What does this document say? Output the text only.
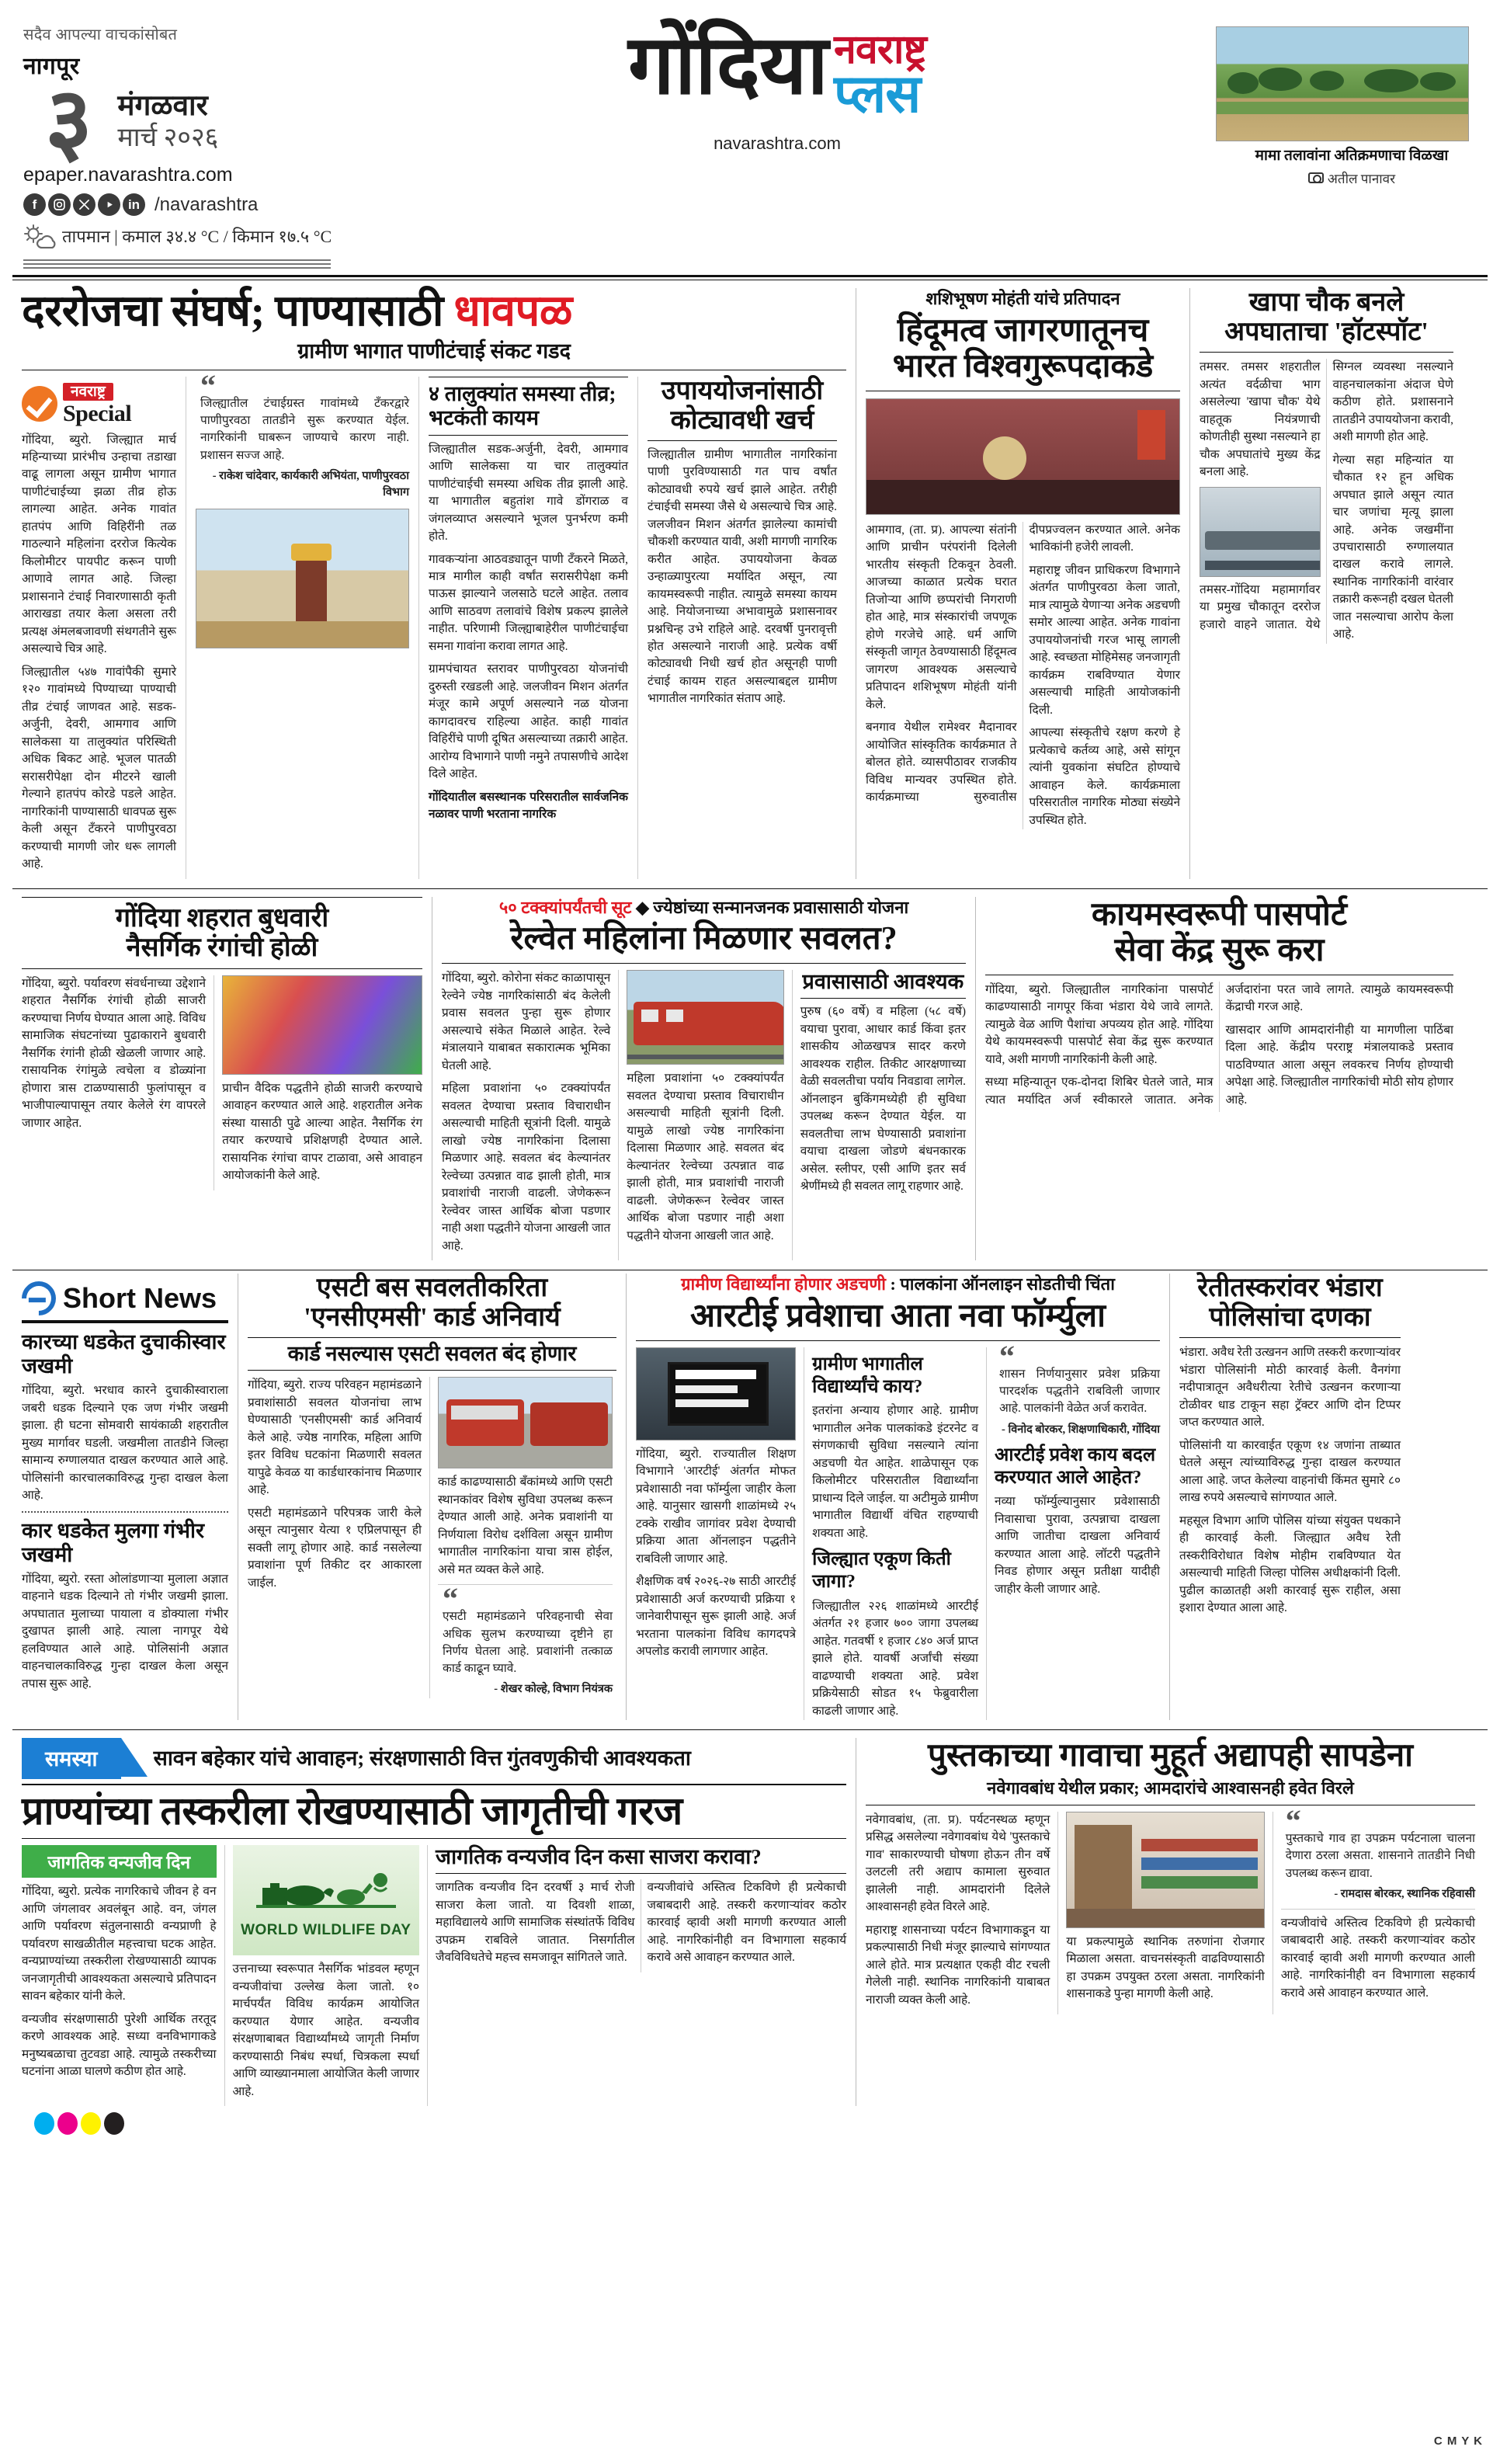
सदैव आपल्या वाचकांसोबत
नागपूर
३ मंगळवार
मार्च २०२६
epaper.navarashtra.com
f	in /navarashtra
तापमान | कमाल ३४.४ °C / किमान १७.५ °C
गोंदिया नवराष्ट्र
प्लस
navarashtra.com
मामा तलावांना अतिक्रमणाचा विळखा
अतील पानावर
दररोजचा संघर्ष; पाण्यासाठी धावपळ
ग्रामीण भागात पाणीटंचाई संकट गडद
नवराष्ट्र
Special

गोंदिया, ब्युरो. जिल्ह्यात मार्च महिन्याच्या प्रारंभीच उन्हाचा तडाखा वाढू लागला असून ग्रामीण भागात पाणीटंचाईच्या झळा तीव्र होऊ लागल्या आहेत. अनेक गावांत हातपंप आणि विहिरींनी तळ गाठल्याने महिलांना दररोज कित्येक किलोमीटर पायपीट करून पाणी आणावे लागत आहे. जिल्हा प्रशासनाने टंचाई निवारणासाठी कृती आराखडा तयार केला असला तरी प्रत्यक्ष अंमलबजावणी संथगतीने सुरू असल्याचे चित्र आहे.

जिल्ह्यातील ५४७ गावांपैकी सुमारे १२० गावांमध्ये पिण्याच्या पाण्याची तीव्र टंचाई जाणवत आहे. सडक-अर्जुनी, देवरी, आमगाव आणि सालेकसा या तालुक्यांत परिस्थिती अधिक बिकट आहे. भूजल पातळी सरासरीपेक्षा दोन मीटरने खाली गेल्याने हातपंप कोरडे पडले आहेत. नागरिकांनी पाण्यासाठी धावपळ सुरू केली असून टँकरने पाणीपुरवठा करण्याची मागणी जोर धरू लागली आहे.

“
जिल्ह्यातील टंचाईग्रस्त गावांमध्ये टँकरद्वारे पाणीपुरवठा तातडीने सुरू करण्यात येईल. नागरिकांनी घाबरून जाण्याचे कारण नाही. प्रशासन सज्ज आहे.
- राकेश चांदेवार, कार्यकारी अभियंता, पाणीपुरवठा विभाग
४ तालुक्यांत समस्या तीव्र; भटकंती कायम

जिल्ह्यातील सडक-अर्जुनी, देवरी, आमगाव आणि सालेकसा या चार तालुक्यांत पाणीटंचाईची समस्या अधिक तीव्र झाली आहे. या भागातील बहुतांश गावे डोंगराळ व जंगलव्याप्त असल्याने भूजल पुनर्भरण कमी होते.

गावकऱ्यांना आठवड्यातून पाणी टँकरने मिळते, मात्र मागील काही वर्षांत सरासरीपेक्षा कमी पाऊस झाल्याने जलसाठे घटले आहेत. तलाव आणि साठवण तलावांचे विशेष प्रकल्प झालेले नाहीत. परिणामी जिल्ह्याबाहेरील पाणीटंचाईचा समना गावांना करावा लागत आहे.

ग्रामपंचायत स्तरावर पाणीपुरवठा योजनांची दुरुस्ती रखडली आहे. जलजीवन मिशन अंतर्गत मंजूर कामे अपूर्ण असल्याने नळ योजना कागदावरच राहिल्या आहेत. काही गावांत विहिरींचे पाणी दूषित असल्याच्या तक्रारी आहेत. आरोग्य विभागाने पाणी नमुने तपासणीचे आदेश दिले आहेत.

गोंदियातील बसस्थानक परिसरातील सार्वजनिक नळावर पाणी भरताना नागरिक

उपाययोजनांसाठी
कोट्यावधी खर्च

जिल्ह्यातील ग्रामीण भागातील नागरिकांना पाणी पुरविण्यासाठी गत पाच वर्षांत कोट्यावधी रुपये खर्च झाले आहेत. तरीही टंचाईची समस्या जैसे थे असल्याचे चित्र आहे. जलजीवन मिशन अंतर्गत झालेल्या कामांची चौकशी करण्यात यावी, अशी मागणी नागरिक करीत आहेत. उपाययोजना केवळ उन्हाळ्यापुरत्या मर्यादित असून, त्या कायमस्वरूपी नाहीत. त्यामुळे समस्या कायम आहे. नियोजनाच्या अभावामुळे प्रशासनावर प्रश्नचिन्ह उभे राहिले आहे. दरवर्षी पुनरावृत्ती होत असल्याने नाराजी आहे. प्रत्येक वर्षी कोट्यावधी निधी खर्च होत असूनही पाणी टंचाई कायम राहत असल्याबद्दल ग्रामीण भागातील नागरिकांत संताप आहे.

शशिभूषण मोहंती यांचे प्रतिपादन
हिंदूमत्व जागरणातूनच
भारत विश्वगुरूपदाकडे

आमगाव, (ता. प्र). आपल्या संतांनी आणि प्राचीन परंपरांनी दिलेली भारतीय संस्कृती टिकवून ठेवली. आजच्या काळात प्रत्येक घरात तिजोऱ्या आणि छप्परांची निगराणी होत आहे, मात्र संस्कारांची जपणूक होणे गरजेचे आहे. धर्म आणि संस्कृती जागृत ठेवण्यासाठी हिंदूमत्व जागरण आवश्यक असल्याचे प्रतिपादन शशिभूषण मोहंती यांनी केले.

बनगाव येथील रामेश्वर मैदानावर आयोजित सांस्कृतिक कार्यक्रमात ते बोलत होते. व्यासपीठावर राजकीय विविध मान्यवर उपस्थित होते. कार्यक्रमाच्या सुरुवातीस दीपप्रज्वलन करण्यात आले. अनेक भाविकांनी हजेरी लावली.

महाराष्ट्र जीवन प्राधिकरण विभागाने अंतर्गत पाणीपुरवठा केला जातो, मात्र त्यामुळे येणाऱ्या अनेक अडचणी समोर आल्या आहेत. अनेक गावांना उपाययोजनांची गरज भासू लागली आहे. स्वच्छता मोहिमेसह जनजागृती कार्यक्रम राबविण्यात येणार असल्याची माहिती आयोजकांनी दिली.

आपल्या संस्कृतीचे रक्षण करणे हे प्रत्येकाचे कर्तव्य आहे, असे सांगून त्यांनी युवकांना संघटित होण्याचे आवाहन केले. कार्यक्रमाला परिसरातील नागरिक मोठ्या संख्येने उपस्थित होते.

खापा चौक बनले
अपघाताचा 'हॉटस्पॉट'

तमसर. तमसर शहरातील अत्यंत वर्दळीचा भाग असलेल्या 'खापा चौक' येथे वाहतूक नियंत्रणाची कोणतीही सुस्था नसल्याने हा चौक अपघातांचे मुख्य केंद्र बनला आहे.

तमसर-गोंदिया महामार्गावर या प्रमुख चौकातून दररोज हजारो वाहने जातात. येथे सिग्नल व्यवस्था नसल्याने वाहनचालकांना अंदाज घेणे कठीण होते. प्रशासनाने तातडीने उपाययोजना करावी, अशी मागणी होत आहे.

गेल्या सहा महिन्यांत या चौकात १२ हून अधिक अपघात झाले असून त्यात चार जणांचा मृत्यू झाला आहे. अनेक जखमींना उपचारासाठी रुग्णालयात दाखल करावे लागले. स्थानिक नागरिकांनी वारंवार तक्रारी करूनही दखल घेतली जात नसल्याचा आरोप केला आहे.

गोंदिया शहरात बुधवारी
नैसर्गिक रंगांची होळी

गोंदिया, ब्युरो. पर्यावरण संवर्धनाच्या उद्देशाने शहरात नैसर्गिक रंगांची होळी साजरी करण्याचा निर्णय घेण्यात आला आहे. विविध सामाजिक संघटनांच्या पुढाकाराने बुधवारी नैसर्गिक रंगांनी होळी खेळली जाणार आहे. रासायनिक रंगांमुळे त्वचेला व डोळ्यांना होणारा त्रास टाळण्यासाठी फुलांपासून व भाजीपाल्यापासून तयार केलेले रंग वापरले जाणार आहेत.

प्राचीन वैदिक पद्धतीने होळी साजरी करण्याचे आवाहन करण्यात आले आहे. शहरातील अनेक संस्था यासाठी पुढे आल्या आहेत. नैसर्गिक रंग तयार करण्याचे प्रशिक्षणही देण्यात आले. रासायनिक रंगांचा वापर टाळावा, असे आवाहन आयोजकांनी केले आहे.

५० टक्क्यांपर्यंतची सूट ◆ ज्येष्ठांच्या सन्मानजनक प्रवासासाठी योजना
रेल्वेत महिलांना मिळणार सवलत?

गोंदिया, ब्युरो. कोरोना संकट काळापासून रेल्वेने ज्येष्ठ नागरिकांसाठी बंद केलेली प्रवास सवलत पुन्हा सुरू होणार असल्याचे संकेत मिळाले आहेत. रेल्वे मंत्रालयाने याबाबत सकारात्मक भूमिका घेतली आहे.

महिला प्रवाशांना ५० टक्क्यांपर्यंत सवलत देण्याचा प्रस्ताव विचाराधीन असल्याची माहिती सूत्रांनी दिली. यामुळे लाखो ज्येष्ठ नागरिकांना दिलासा मिळणार आहे. सवलत बंद केल्यानंतर रेल्वेच्या उत्पन्नात वाढ झाली होती, मात्र प्रवाशांची नाराजी वाढली. जेणेकरून रेल्वेवर जास्त आर्थिक बोजा पडणार नाही अशा पद्धतीने योजना आखली जात आहे.

महिला प्रवाशांना ५० टक्क्यांपर्यंत सवलत देण्याचा प्रस्ताव विचाराधीन असल्याची माहिती सूत्रांनी दिली. यामुळे लाखो ज्येष्ठ नागरिकांना दिलासा मिळणार आहे. सवलत बंद केल्यानंतर रेल्वेच्या उत्पन्नात वाढ झाली होती, मात्र प्रवाशांची नाराजी वाढली. जेणेकरून रेल्वेवर जास्त आर्थिक बोजा पडणार नाही अशा पद्धतीने योजना आखली जात आहे.

प्रवासासाठी आवश्यक

पुरुष (६० वर्षे) व महिला (५८ वर्षे) वयाचा पुरावा, आधार कार्ड किंवा इतर शासकीय ओळखपत्र सादर करणे आवश्यक राहील. तिकीट आरक्षणाच्या वेळी सवलतीचा पर्याय निवडावा लागेल. ऑनलाइन बुकिंगमध्येही ही सुविधा उपलब्ध करून देण्यात येईल. या सवलतीचा लाभ घेण्यासाठी प्रवाशांना वयाचा दाखला जोडणे बंधनकारक असेल. स्लीपर, एसी आणि इतर सर्व श्रेणींमध्ये ही सवलत लागू राहणार आहे.

कायमस्वरूपी पासपोर्ट
सेवा केंद्र सुरू करा

गोंदिया, ब्युरो. जिल्ह्यातील नागरिकांना पासपोर्ट काढण्यासाठी नागपूर किंवा भंडारा येथे जावे लागते. त्यामुळे वेळ आणि पैशांचा अपव्यय होत आहे. गोंदिया येथे कायमस्वरूपी पासपोर्ट सेवा केंद्र सुरू करण्यात यावे, अशी मागणी नागरिकांनी केली आहे.

सध्या महिन्यातून एक-दोनदा शिबिर घेतले जाते, मात्र त्यात मर्यादित अर्ज स्वीकारले जातात. अनेक अर्जदारांना परत जावे लागते. त्यामुळे कायमस्वरूपी केंद्राची गरज आहे.

खासदार आणि आमदारांनीही या मागणीला पाठिंबा दिला आहे. केंद्रीय परराष्ट्र मंत्रालयाकडे प्रस्ताव पाठविण्यात आला असून लवकरच निर्णय होण्याची अपेक्षा आहे. जिल्ह्यातील नागरिकांची मोठी सोय होणार आहे.

Short News
कारच्या धडकेत दुचाकीस्वार जखमी
गोंदिया, ब्युरो. भरधाव कारने दुचाकीस्वाराला जबरी धडक दिल्याने एक जण गंभीर जखमी झाला. ही घटना सोमवारी सायंकाळी शहरातील मुख्य मार्गावर घडली. जखमीला तातडीने जिल्हा सामान्य रुग्णालयात दाखल करण्यात आले आहे. पोलिसांनी कारचालकाविरुद्ध गुन्हा दाखल केला आहे.
कार धडकेत मुलगा गंभीर जखमी
गोंदिया, ब्युरो. रस्ता ओलांडणाऱ्या मुलाला अज्ञात वाहनाने धडक दिल्याने तो गंभीर जखमी झाला. अपघातात मुलाच्या पायाला व डोक्याला गंभीर दुखापत झाली आहे. त्याला नागपूर येथे हलविण्यात आले आहे. पोलिसांनी अज्ञात वाहनचालकाविरुद्ध गुन्हा दाखल केला असून तपास सुरू आहे.
एसटी बस सवलतीकरिता
'एनसीएमसी' कार्ड अनिवार्य
कार्ड नसल्यास एसटी सवलत बंद होणार

गोंदिया, ब्युरो. राज्य परिवहन महामंडळाने प्रवाशांसाठी सवलत योजनांचा लाभ घेण्यासाठी 'एनसीएमसी' कार्ड अनिवार्य केले आहे. ज्येष्ठ नागरिक, महिला आणि इतर विविध घटकांना मिळणारी सवलत यापुढे केवळ या कार्डधारकांनाच मिळणार आहे.

एसटी महामंडळाने परिपत्रक जारी केले असून त्यानुसार येत्या १ एप्रिलपासून ही सक्ती लागू होणार आहे. कार्ड नसलेल्या प्रवाशांना पूर्ण तिकीट दर आकारला जाईल.

कार्ड काढण्यासाठी बँकांमध्ये आणि एसटी स्थानकांवर विशेष सुविधा उपलब्ध करून देण्यात आली आहे. अनेक प्रवाशांनी या निर्णयाला विरोध दर्शविला असून ग्रामीण भागातील नागरिकांना याचा त्रास होईल, असे मत व्यक्त केले आहे.

“
एसटी महामंडळाने परिवहनाची सेवा अधिक सुलभ करण्याच्या दृष्टीने हा निर्णय घेतला आहे. प्रवाशांनी तत्काळ कार्ड काढून घ्यावे.
- शेखर कोल्हे, विभाग नियंत्रक
ग्रामीण विद्यार्थ्यांना होणार अडचणी : पालकांना ऑनलाइन सोडतीची चिंता
आरटीई प्रवेशाचा आता नवा फॉर्म्युला

गोंदिया, ब्युरो. राज्यातील शिक्षण विभागाने 'आरटीई' अंतर्गत मोफत प्रवेशासाठी नवा फॉर्म्युला जाहीर केला आहे. यानुसार खासगी शाळांमध्ये २५ टक्के राखीव जागांवर प्रवेश देण्याची प्रक्रिया आता ऑनलाइन पद्धतीने राबविली जाणार आहे.

शैक्षणिक वर्ष २०२६-२७ साठी आरटीई प्रवेशासाठी अर्ज करण्याची प्रक्रिया १ जानेवारीपासून सुरू झाली आहे. अर्ज भरताना पालकांना विविध कागदपत्रे अपलोड करावी लागणार आहेत.

ग्रामीण भागातील विद्यार्थ्यांचे काय?
इतरांना अन्याय होणार आहे. ग्रामीण भागातील अनेक पालकांकडे इंटरनेट व संगणकाची सुविधा नसल्याने त्यांना अडचणी येत आहेत. शाळेपासून एक किलोमीटर परिसरातील विद्यार्थ्यांना प्राधान्य दिले जाईल. या अटीमुळे ग्रामीण भागातील विद्यार्थी वंचित राहण्याची शक्यता आहे.
जिल्ह्यात एकूण किती जागा?
जिल्ह्यातील २२६ शाळांमध्ये आरटीई अंतर्गत २१ हजार ७०० जागा उपलब्ध आहेत. गतवर्षी १ हजार ८४० अर्ज प्राप्त झाले होते. यावर्षी अर्जांची संख्या वाढण्याची शक्यता आहे. प्रवेश प्रक्रियेसाठी सोडत १५ फेब्रुवारीला काढली जाणार आहे.
“
शासन निर्णयानुसार प्रवेश प्रक्रिया पारदर्शक पद्धतीने राबविली जाणार आहे. पालकांनी वेळेत अर्ज करावेत.
- विनोद बोरकर, शिक्षणाधिकारी, गोंदिया
आरटीई प्रवेश काय बदल करण्यात आले आहेत?
नव्या फॉर्म्युल्यानुसार प्रवेशासाठी निवासाचा पुरावा, उत्पन्नाचा दाखला आणि जातीचा दाखला अनिवार्य करण्यात आला आहे. लॉटरी पद्धतीने निवड होणार असून प्रतीक्षा यादीही जाहीर केली जाणार आहे.
रेतीतस्करांवर भंडारा
पोलिसांचा दणका

भंडारा. अवैध रेती उत्खनन आणि तस्करी करणाऱ्यांवर भंडारा पोलिसांनी मोठी कारवाई केली. वैनगंगा नदीपात्रातून अवैधरीत्या रेतीचे उत्खनन करणाऱ्या टोळीवर धाड टाकून सहा ट्रॅक्टर आणि दोन टिप्पर जप्त करण्यात आले.

पोलिसांनी या कारवाईत एकूण १४ जणांना ताब्यात घेतले असून त्यांच्याविरुद्ध गुन्हा दाखल करण्यात आला आहे. जप्त केलेल्या वाहनांची किंमत सुमारे ८० लाख रुपये असल्याचे सांगण्यात आले.

महसूल विभाग आणि पोलिस यांच्या संयुक्त पथकाने ही कारवाई केली. जिल्ह्यात अवैध रेती तस्करीविरोधात विशेष मोहीम राबविण्यात येत असल्याची माहिती जिल्हा पोलिस अधीक्षकांनी दिली. पुढील काळातही अशी कारवाई सुरू राहील, असा इशारा देण्यात आला आहे.

समस्या	सावन बहेकार यांचे आवाहन; संरक्षणासाठी वित्त गुंतवणुकीची आवश्यकता
प्राण्यांच्या तस्करीला रोखण्यासाठी जागृतीची गरज
जागतिक वन्यजीव दिन

गोंदिया, ब्युरो. प्रत्येक नागरिकाचे जीवन हे वन आणि जंगलावर अवलंबून आहे. वन, जंगल आणि पर्यावरण संतुलनासाठी वन्यप्राणी हे पर्यावरण साखळीतील महत्त्वाचा घटक आहेत. वन्यप्राण्यांच्या तस्करीला रोखण्यासाठी व्यापक जनजागृतीची आवश्यकता असल्याचे प्रतिपादन सावन बहेकार यांनी केले.

वन्यजीव संरक्षणासाठी पुरेशी आर्थिक तरतूद करणे आवश्यक आहे. सध्या वनविभागाकडे मनुष्यबळाचा तुटवडा आहे. त्यामुळे तस्करीच्या घटनांना आळा घालणे कठीण होत आहे.

WORLD WILDLIFE DAY

उत्तनाच्या स्वरूपात नैसर्गिक भांडवल म्हणून वन्यजीवांचा उल्लेख केला जातो. १० मार्चपर्यंत विविध कार्यक्रम आयोजित करण्यात येणार आहेत. वन्यजीव संरक्षणाबाबत विद्यार्थ्यांमध्ये जागृती निर्माण करण्यासाठी निबंध स्पर्धा, चित्रकला स्पर्धा आणि व्याख्यानमाला आयोजित केली जाणार आहे.

जागतिक वन्यजीव दिन कसा साजरा करावा?

जागतिक वन्यजीव दिन दरवर्षी ३ मार्च रोजी साजरा केला जातो. या दिवशी शाळा, महाविद्यालये आणि सामाजिक संस्थांतर्फे विविध उपक्रम राबविले जातात. निसर्गातील जैवविविधतेचे महत्त्व समजावून सांगितले जाते.

वन्यजीवांचे अस्तित्व टिकविणे ही प्रत्येकाची जबाबदारी आहे. तस्करी करणाऱ्यांवर कठोर कारवाई व्हावी अशी मागणी करण्यात आली आहे. नागरिकांनीही वन विभागाला सहकार्य करावे असे आवाहन करण्यात आले.

पुस्तकाच्या गावाचा मुहूर्त अद्यापही सापडेना
नवेगावबांध येथील प्रकार; आमदारांचे आश्वासनही हवेत विरले

नवेगावबांध, (ता. प्र). पर्यटनस्थळ म्हणून प्रसिद्ध असलेल्या नवेगावबांध येथे 'पुस्तकाचे गाव' साकारण्याची घोषणा होऊन तीन वर्षे उलटली तरी अद्याप कामाला सुरुवात झालेली नाही. आमदारांनी दिलेले आश्वासनही हवेत विरले आहे.

महाराष्ट्र शासनाच्या पर्यटन विभागाकडून या प्रकल्पासाठी निधी मंजूर झाल्याचे सांगण्यात आले होते. मात्र प्रत्यक्षात एकही वीट रचली गेलेली नाही. स्थानिक नागरिकांनी याबाबत नाराजी व्यक्त केली आहे.

या प्रकल्पामुळे स्थानिक तरुणांना रोजगार मिळाला असता. वाचनसंस्कृती वाढविण्यासाठी हा उपक्रम उपयुक्त ठरला असता. नागरिकांनी शासनाकडे पुन्हा मागणी केली आहे.

“
पुस्तकाचे गाव हा उपक्रम पर्यटनाला चालना देणारा ठरला असता. शासनाने तातडीने निधी उपलब्ध करून द्यावा.
- रामदास बोरकर, स्थानिक रहिवासी

वन्यजीवांचे अस्तित्व टिकविणे ही प्रत्येकाची जबाबदारी आहे. तस्करी करणाऱ्यांवर कठोर कारवाई व्हावी अशी मागणी करण्यात आली आहे. नागरिकांनीही वन विभागाला सहकार्य करावे असे आवाहन करण्यात आले.

C M Y K
